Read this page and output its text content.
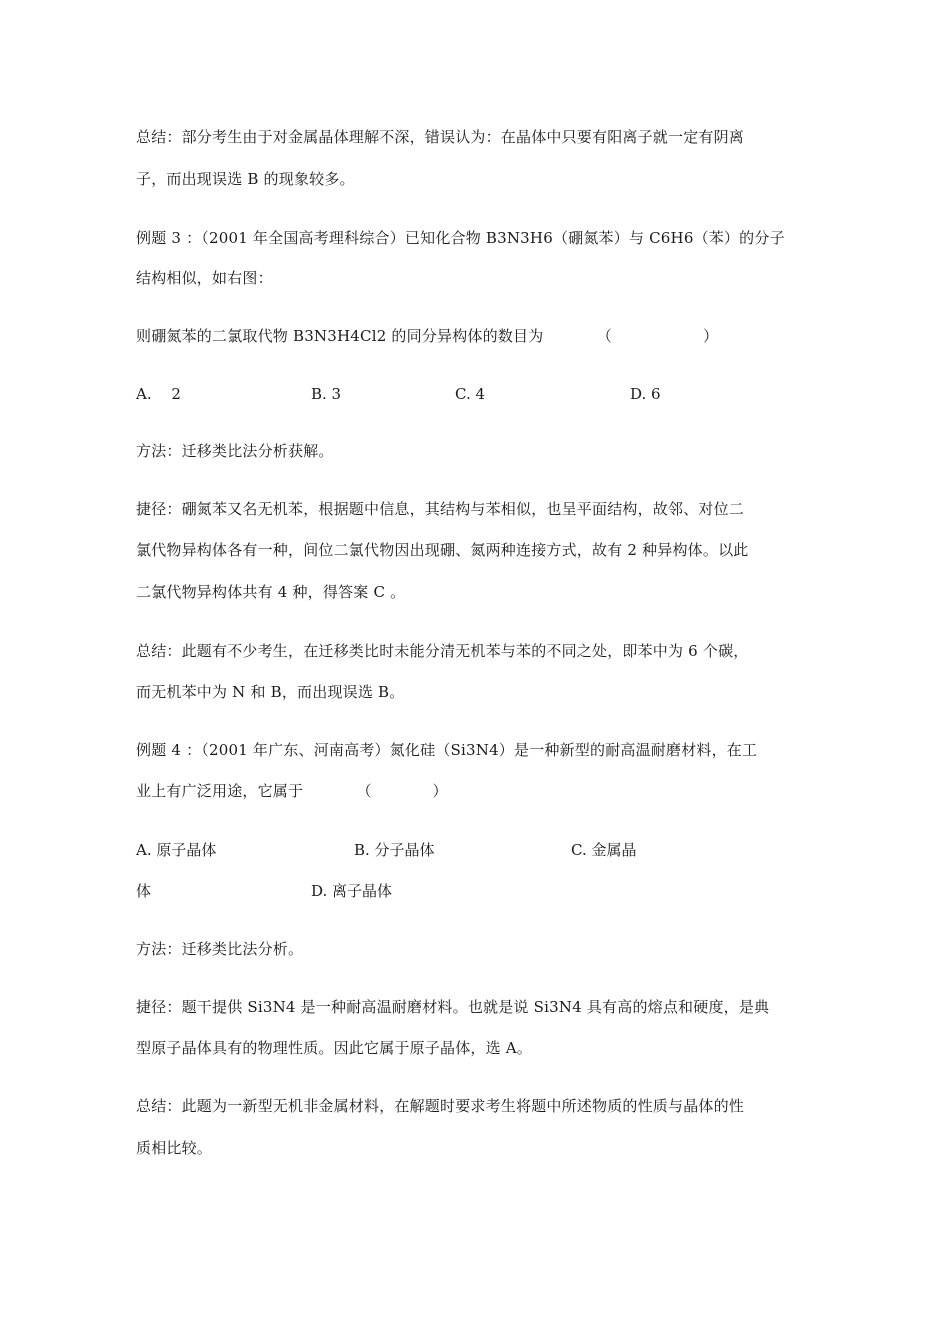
总结：部分考生由于对金属晶体理解不深，错误认为：在晶体中只要有阳离子就一定有阴离
子，而出现误选 B 的现象较多。
例题 3 ：（2001 年全国高考理科综合）已知化合物 B3N3H6（硼氮苯）与 C6H6（苯）的分子
结构相似，如右图：
则硼氮苯的二氯取代物 B3N3H4Cl2 的同分异构体的数目为　　　　（　　　　　　）
A.　 2	B. 3	C. 4	D. 6
方法：迁移类比法分析获解。
捷径：硼氮苯又名无机苯，根据题中信息，其结构与苯相似，也呈平面结构，故邻、对位二
氯代物异构体各有一种，间位二氯代物因出现硼、氮两种连接方式，故有 2 种异构体。以此
二氯代物异构体共有 4 种，得答案 C 。
总结：此题有不少考生，在迁移类比时未能分清无机苯与苯的不同之处，即苯中为 6 个碳，
而无机苯中为 N 和 B，而出现误选 B。
例题 4 ：（2001 年广东、河南高考）氮化硅（Si3N4）是一种新型的耐高温耐磨材料，在工
业上有广泛用途，它属于　　　　（　　　　）
A. 原子晶体	B. 分子晶体	C. 金属晶
体	D. 离子晶体
方法：迁移类比法分析。
捷径：题干提供 Si3N4 是一种耐高温耐磨材料。也就是说 Si3N4 具有高的熔点和硬度，是典
型原子晶体具有的物理性质。因此它属于原子晶体，选 A。
总结：此题为一新型无机非金属材料，在解题时要求考生将题中所述物质的性质与晶体的性
质相比较。
